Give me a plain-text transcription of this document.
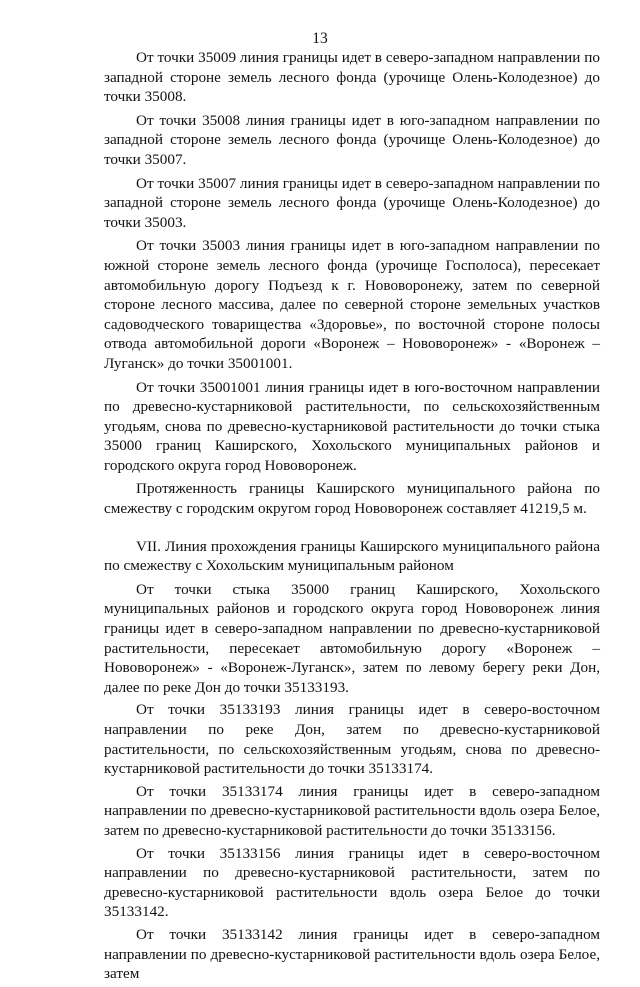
13

От точки 35009 линия границы идет в северо-западном направлении по западной стороне земель лесного фонда (урочище Олень-Колодезное) до точки 35008.

От точки 35008 линия границы идет в юго-западном направлении по западной стороне земель лесного фонда (урочище Олень-Колодезное) до точки 35007.

От точки 35007 линия границы идет в северо-западном направлении по западной стороне земель лесного фонда (урочище Олень-Колодезное) до точки 35003.

От точки 35003 линия границы идет в юго-западном направлении по южной стороне земель лесного фонда (урочище Госполоса), пересекает автомобильную дорогу Подъезд к г. Нововоронежу, затем по северной стороне лесного массива, далее по северной стороне земельных участков садоводческого товарищества «Здоровье», по восточной стороне полосы отвода автомобильной дороги «Воронеж – Нововоронеж» - «Воронеж – Луганск» до точки 35001001.

От точки 35001001 линия границы идет в юго-восточном направлении по древесно-кустарниковой растительности, по сельскохозяйственным угодьям, снова по древесно-кустарниковой растительности до точки стыка 35000 границ Каширского, Хохольского муниципальных районов и городского округа город Нововоронеж.

Протяженность границы Каширского муниципального района по смежеству с городским округом город Нововоронеж составляет 41219,5 м.

VII. Линия прохождения границы Каширского муниципального района по смежеству с Хохольским муниципальным районом

От точки стыка 35000 границ Каширского, Хохольского муниципальных районов и городского округа город Нововоронеж линия границы идет в северо-западном направлении по древесно-кустарниковой растительности, пересекает автомобильную дорогу «Воронеж – Нововоронеж» - «Воронеж-Луганск», затем по левому берегу реки Дон, далее по реке Дон до точки 35133193.

От точки 35133193 линия границы идет в северо-восточном направлении по реке Дон, затем по древесно-кустарниковой растительности, по сельскохозяйственным угодьям, снова по древесно-кустарниковой растительности до точки 35133174.

От точки 35133174 линия границы идет в северо-западном направлении по древесно-кустарниковой растительности вдоль озера Белое, затем по древесно-кустарниковой растительности до точки 35133156.

От точки 35133156 линия границы идет в северо-восточном направлении по древесно-кустарниковой растительности, затем по древесно-кустарниковой растительности вдоль озера Белое до точки 35133142.

От точки 35133142 линия границы идет в северо-западном направлении по древесно-кустарниковой растительности вдоль озера Белое, затем
